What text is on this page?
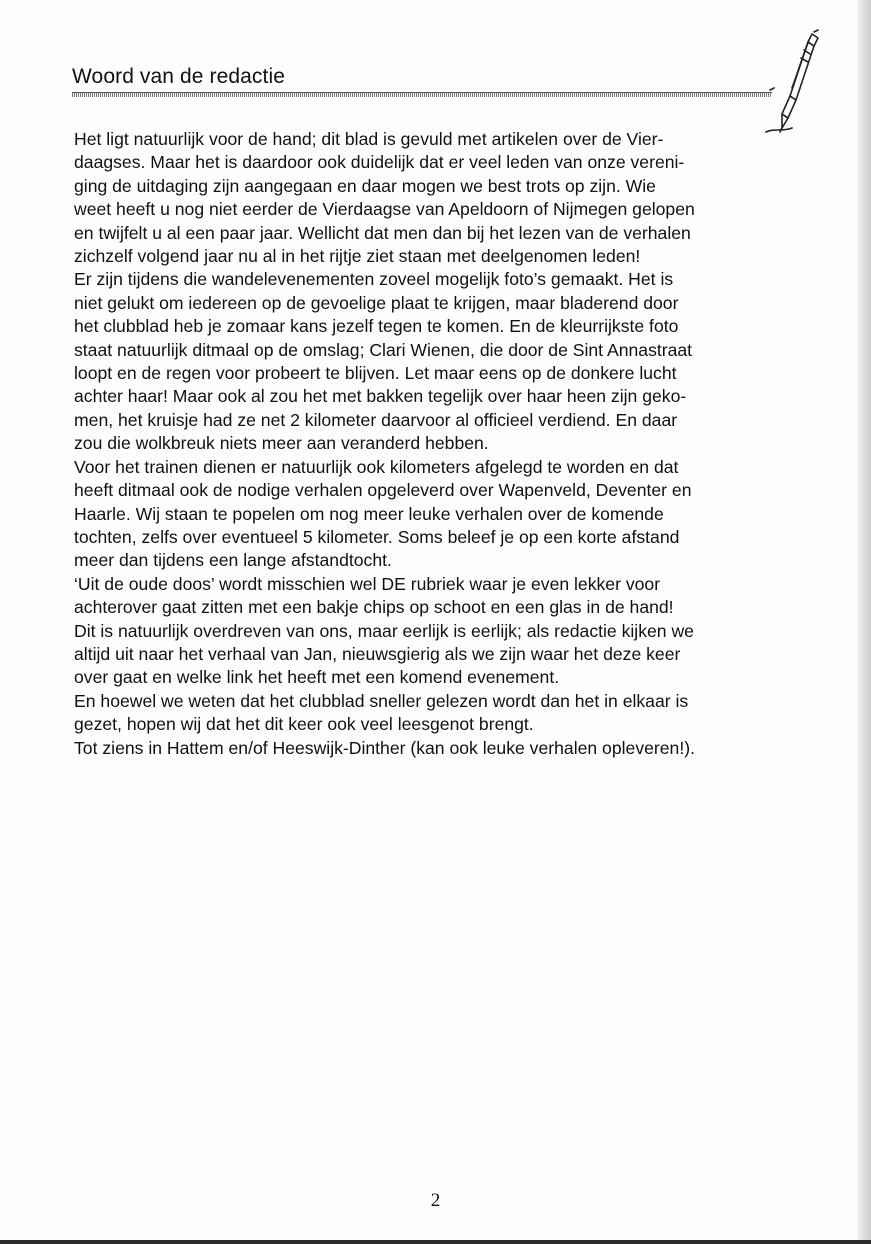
Woord van de redactie
Het ligt natuurlijk voor de hand; dit blad is gevuld met artikelen over de Vier-
daagses. Maar het is daardoor ook duidelijk dat er veel leden van onze vereni-
ging de uitdaging zijn aangegaan en daar mogen we best trots op zijn. Wie
weet heeft u nog niet eerder de Vierdaagse van Apeldoorn of Nijmegen gelopen
en twijfelt u al een paar jaar. Wellicht dat men dan bij het lezen van de verhalen
zichzelf volgend jaar nu al in het rijtje ziet staan met deelgenomen leden!
Er zijn tijdens die wandelevenementen zoveel mogelijk foto’s gemaakt. Het is
niet gelukt om iedereen op de gevoelige plaat te krijgen, maar bladerend door
het clubblad heb je zomaar kans jezelf tegen te komen. En de kleurrijkste foto
staat natuurlijk ditmaal op de omslag; Clari Wienen, die door de Sint Annastraat
loopt en de regen voor probeert te blijven. Let maar eens op de donkere lucht
achter haar! Maar ook al zou het met bakken tegelijk over haar heen zijn geko-
men, het kruisje had ze net 2 kilometer daarvoor al officieel verdiend. En daar
zou die wolkbreuk niets meer aan veranderd hebben.
Voor het trainen dienen er natuurlijk ook kilometers afgelegd te worden en dat
heeft ditmaal ook de nodige verhalen opgeleverd over Wapenveld, Deventer en
Haarle. Wij staan te popelen om nog meer leuke verhalen over de komende
tochten, zelfs over eventueel 5 kilometer. Soms beleef je op een korte afstand
meer dan tijdens een lange afstandtocht.
‘Uit de oude doos’ wordt misschien wel DE rubriek waar je even lekker voor
achterover gaat zitten met een bakje chips op schoot en een glas in de hand!
Dit is natuurlijk overdreven van ons, maar eerlijk is eerlijk; als redactie kijken we
altijd uit naar het verhaal van Jan, nieuwsgierig als we zijn waar het deze keer
over gaat en welke link het heeft met een komend evenement.
En hoewel we weten dat het clubblad sneller gelezen wordt dan het in elkaar is
gezet, hopen wij dat het dit keer ook veel leesgenot brengt.
Tot ziens in Hattem en/of Heeswijk-Dinther (kan ook leuke verhalen opleveren!).
2
